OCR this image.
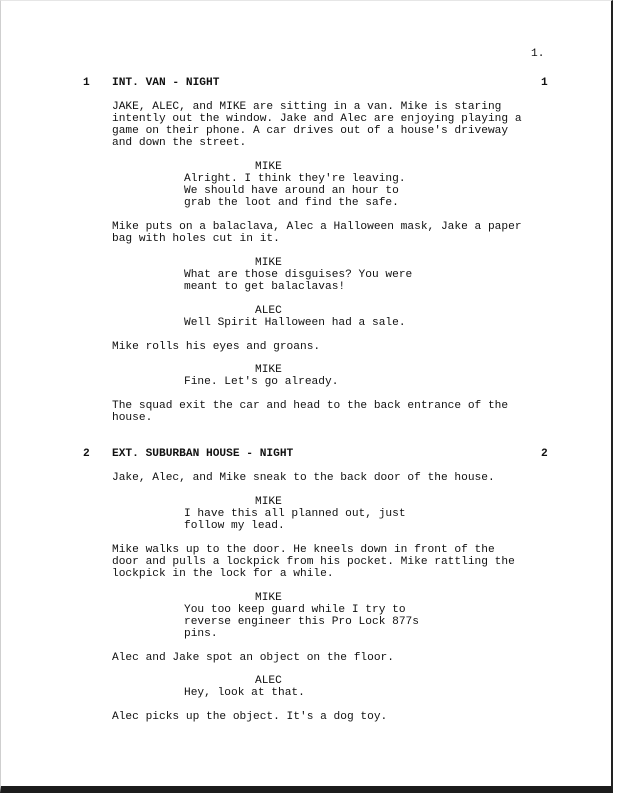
1.

1 INT. VAN - NIGHT	1

JAKE, ALEC, and MIKE are sitting in a van. Mike is staring

intently out the window. Jake and Alec are enjoying playing a

game on their phone. A car drives out of a house's driveway

and down the street.

MIKE

Alright. I think they're leaving.

We should have around an hour to

grab the loot and find the safe.

Mike puts on a balaclava, Alec a Halloween mask, Jake a paper

bag with holes cut in it.

MIKE

What are those disguises? You were

meant to get balaclavas!

ALEC

Well Spirit Halloween had a sale.

Mike rolls his eyes and groans.

MIKE

Fine. Let's go already.

The squad exit the car and head to the back entrance of the

house.

2 EXT. SUBURBAN HOUSE - NIGHT	2

Jake, Alec, and Mike sneak to the back door of the house.

MIKE

I have this all planned out, just

follow my lead.

Mike walks up to the door. He kneels down in front of the

door and pulls a lockpick from his pocket. Mike rattling the

lockpick in the lock for a while.

MIKE

You too keep guard while I try to

reverse engineer this Pro Lock 877s

pins.

Alec and Jake spot an object on the floor.

ALEC

Hey, look at that.

Alec picks up the object. It's a dog toy.
